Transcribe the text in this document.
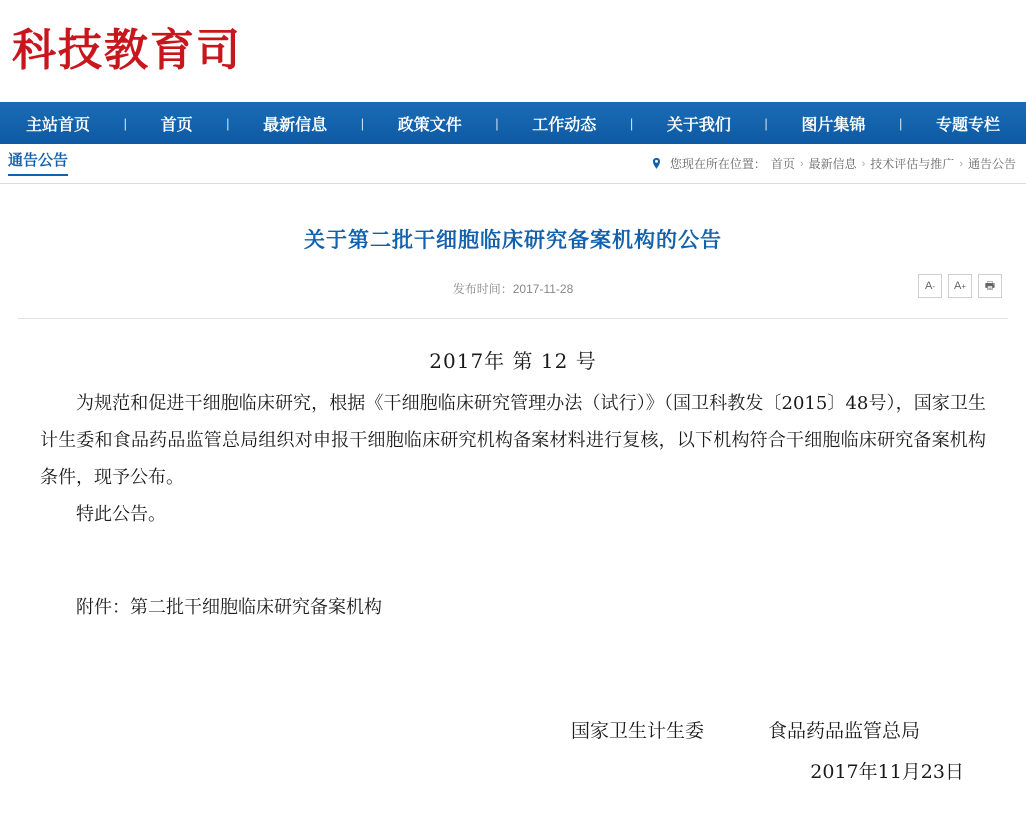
科技教育司
主站首页	| 首页	| 最新信息	| 政策文件	| 工作动态	| 关于我们	| 图片集锦	| 专题专栏
通告公告	您现在所在位置： 首页 › 最新信息 › 技术评估与推广 › 通告公告
关于第二批干细胞临床研究备案机构的公告
发布时间：2017-11-28	A - A + 🖶
2017年 第 12 号

为规范和促进干细胞临床研究，根据《干细胞临床研究管理办法（试行）》（国卫科教发〔2015〕48号），国家卫生计生委和食品药品监管总局组织对申报干细胞临床研究机构备案材料进行复核，以下机构符合干细胞临床研究备案机构条件，现予公布。

特此公告。

附件：第二批干细胞临床研究备案机构
国家卫生计生委	食品药品监管总局
2017年11月23日
